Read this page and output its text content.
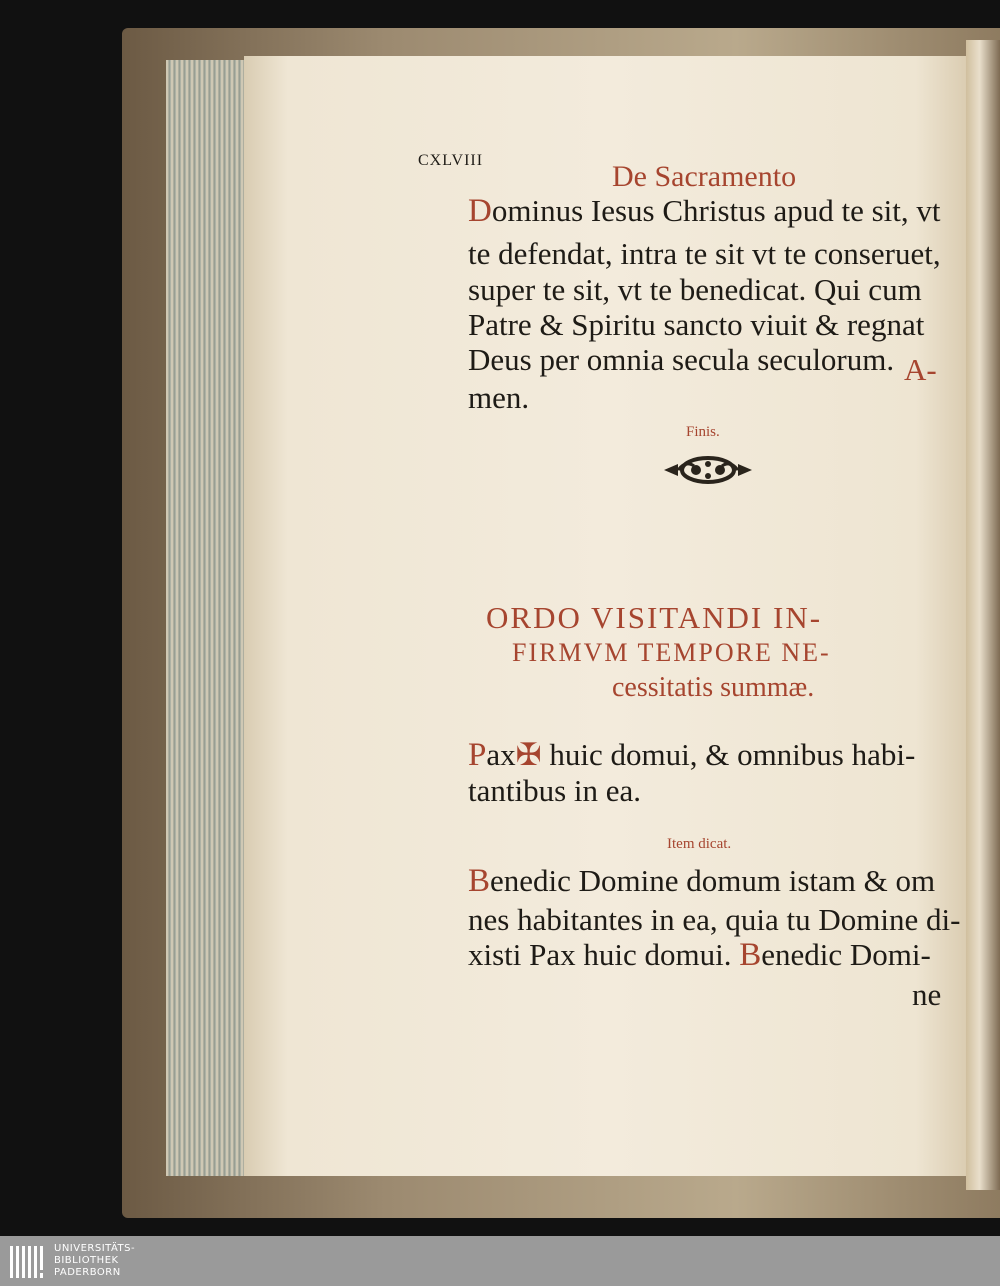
CXLVIII	De Sacramento
Dominus Iesus Christus apud te sit, vt
te defendat, intra te sit vt te conseruet,
super te sit, vt te benedicat. Qui cum
Patre & Spiritu sancto viuit & regnat
Deus per omnia secula seculorum. A-
men.
Finis.
ORDO VISITANDI IN-
FIRMVM TEMPORE NE-
cessitatis summæ.
Pax✠ huic domui, & omnibus habi-
tantibus in ea.
Item dicat.
Benedic Domine domum istam & om
nes habitantes in ea, quia tu Domine di-
xisti Pax huic domui. Benedic Domi-
ne
UNIVERSITÄTS-
BIBLIOTHEK
PADERBORN
